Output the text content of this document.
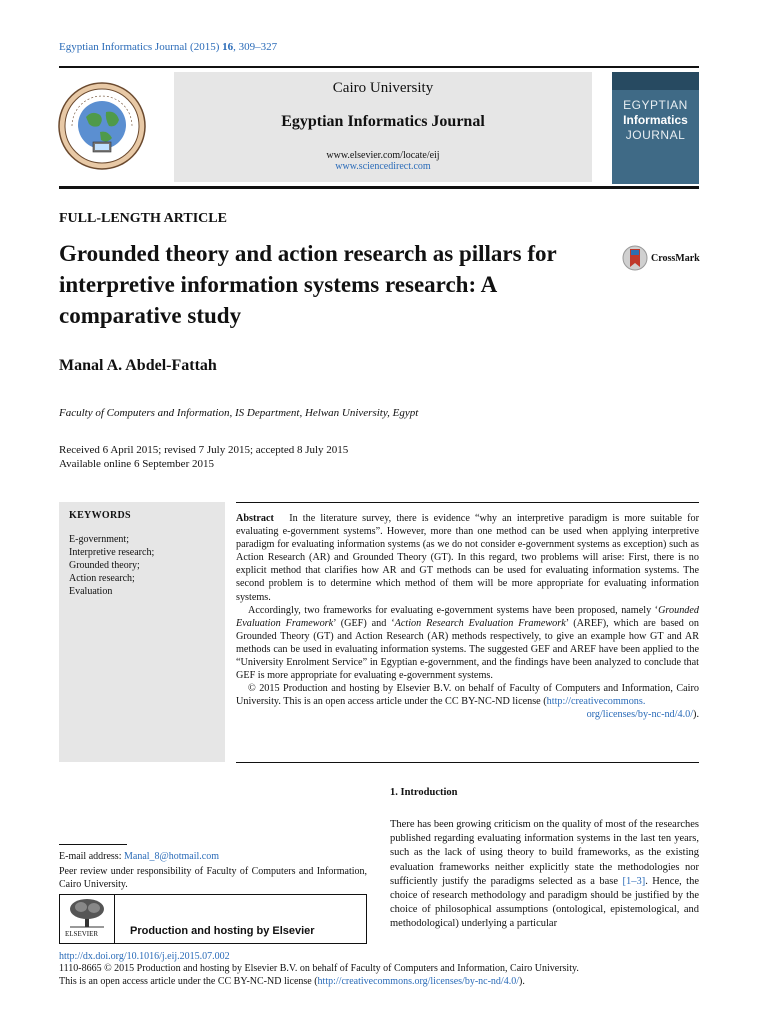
Egyptian Informatics Journal (2015) 16, 309–327
Cairo University
Egyptian Informatics Journal
www.elsevier.com/locate/eij
www.sciencedirect.com
EGYPTIAN
Informatics
JOURNAL
FULL-LENGTH ARTICLE
Grounded theory and action research as pillars for
interpretive information systems research: A
comparative study
CrossMark
Manal A. Abdel-Fattah
Faculty of Computers and Information, IS Department, Helwan University, Egypt
Received 6 April 2015; revised 7 July 2015; accepted 8 July 2015
Available online 6 September 2015
KEYWORDS
E-government;
Interpretive research;
Grounded theory;
Action research;
Evaluation

Abstract In the literature survey, there is evidence “why an interpretive paradigm is more suitable for evaluating e-government systems”. However, more than one method can be used when applying interpretive paradigm for evaluating information systems (as we do not consider e-government systems as exception) such as Action Research (AR) and Grounded Theory (GT). In this regard, two problems will arise: First, there is no explicit method that clarifies how AR and GT methods can be used for evaluating information systems. The second problem is to determine which method of them will be more appropriate for evaluating information systems.

Accordingly, two frameworks for evaluating e-government systems have been proposed, namely ‘Grounded Evaluation Framework’ (GEF) and ‘Action Research Evaluation Framework’ (AREF), which are based on Grounded Theory (GT) and Action Research (AR) methods respectively, to give an example how GT and AR methods can be used in evaluating information systems. The suggested GEF and AREF have been applied to the “University Enrolment Service” in Egyptian e-government, and the findings have been analyzed to conclude that GEF is more appropriate for evaluating e-government systems.

© 2015 Production and hosting by Elsevier B.V. on behalf of Faculty of Computers and Information, Cairo University. This is an open access article under the CC BY-NC-ND license (http://creativecommons.

org/licenses/by-nc-nd/4.0/).

1. Introduction
There has been growing criticism on the quality of most of the researches published regarding evaluating information systems in the last ten years, such as the lack of using theory to build frameworks, as the existing evaluation frameworks neither explicitly state the methodologies nor sufficiently justify the paradigms selected as a base [1–3]. Hence, the choice of research methodology and paradigm should be justified by the choice of philosophical assumptions (ontological, epistemological, and methodological) underlying a particular
E-mail address: Manal_8@hotmail.com
Peer review under responsibility of Faculty of Computers and Information, Cairo University.
ELSEVIER	Production and hosting by Elsevier
http://dx.doi.org/10.1016/j.eij.2015.07.002
1110-8665 © 2015 Production and hosting by Elsevier B.V. on behalf of Faculty of Computers and Information, Cairo University.
This is an open access article under the CC BY-NC-ND license (http://creativecommons.org/licenses/by-nc-nd/4.0/).
